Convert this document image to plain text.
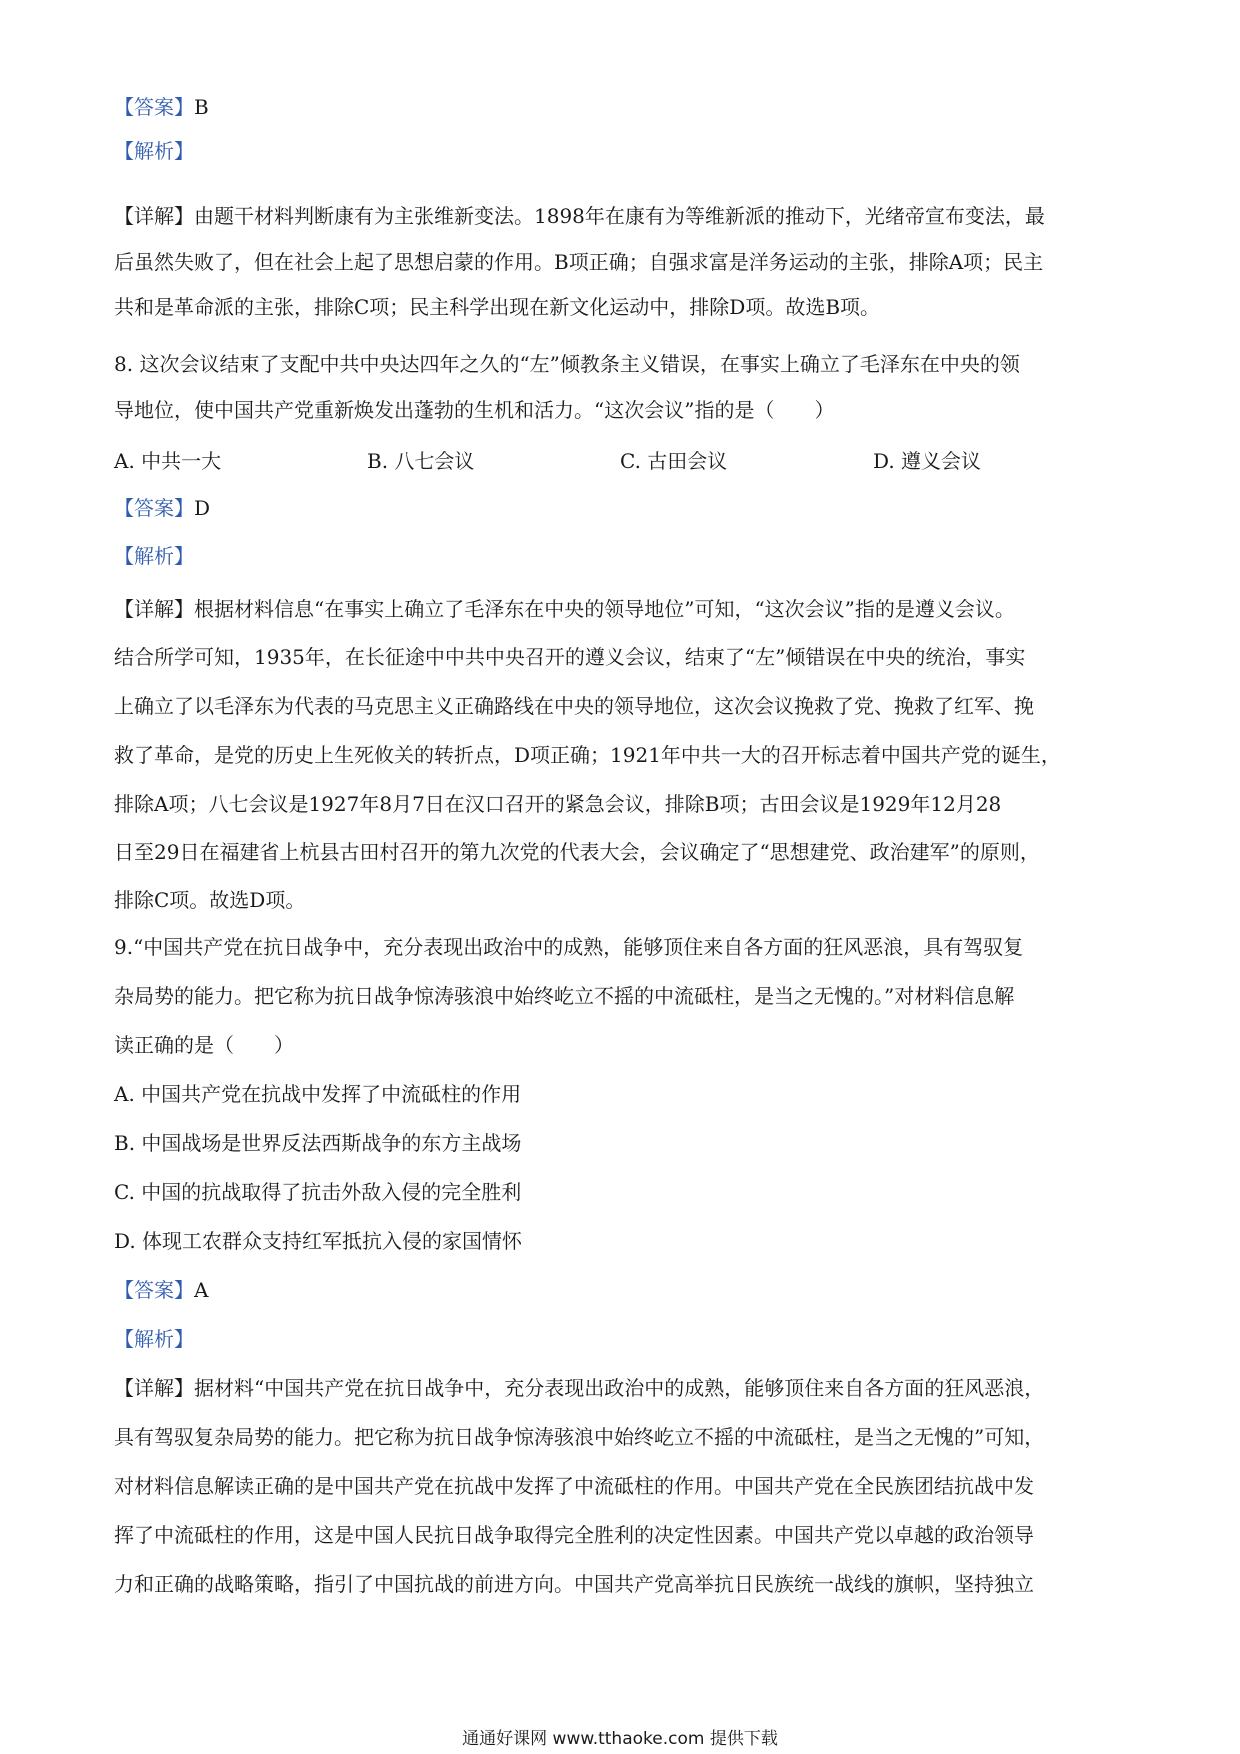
【答案】B
【解析】
【详解】由题干材料判断康有为主张维新变法。1898年在康有为等维新派的推动下，光绪帝宣布变法，最
后虽然失败了，但在社会上起了思想启蒙的作用。B项正确；自强求富是洋务运动的主张，排除A项；民主
共和是革命派的主张，排除C项；民主科学出现在新文化运动中，排除D项。故选B项。
8. 这次会议结束了支配中共中央达四年之久的“左”倾教条主义错误，在事实上确立了毛泽东在中央的领
导地位，使中国共产党重新焕发出蓬勃的生机和活力。“这次会议”指的是（　　）
A. 中共一大	B. 八七会议	C. 古田会议	D. 遵义会议
【答案】D
【解析】
【详解】根据材料信息“在事实上确立了毛泽东在中央的领导地位”可知，“这次会议”指的是遵义会议。
结合所学可知，1935年，在长征途中中共中央召开的遵义会议，结束了“左”倾错误在中央的统治，事实
上确立了以毛泽东为代表的马克思主义正确路线在中央的领导地位，这次会议挽救了党、挽救了红军、挽
救了革命，是党的历史上生死攸关的转折点，D项正确；1921年中共一大的召开标志着中国共产党的诞生，
排除A项；八七会议是1927年8月7日在汉口召开的紧急会议，排除B项；古田会议是1929年12月28
日至29日在福建省上杭县古田村召开的第九次党的代表大会，会议确定了“思想建党、政治建军”的原则，
排除C项。故选D项。
9.“中国共产党在抗日战争中，充分表现出政治中的成熟，能够顶住来自各方面的狂风恶浪，具有驾驭复
杂局势的能力。把它称为抗日战争惊涛骇浪中始终屹立不摇的中流砥柱，是当之无愧的。”对材料信息解
读正确的是（　　）
A. 中国共产党在抗战中发挥了中流砥柱的作用
B. 中国战场是世界反法西斯战争的东方主战场
C. 中国的抗战取得了抗击外敌入侵的完全胜利
D. 体现工农群众支持红军抵抗入侵的家国情怀
【答案】A
【解析】
【详解】据材料“中国共产党在抗日战争中，充分表现出政治中的成熟，能够顶住来自各方面的狂风恶浪，
具有驾驭复杂局势的能力。把它称为抗日战争惊涛骇浪中始终屹立不摇的中流砥柱，是当之无愧的”可知，
对材料信息解读正确的是中国共产党在抗战中发挥了中流砥柱的作用。中国共产党在全民族团结抗战中发
挥了中流砥柱的作用，这是中国人民抗日战争取得完全胜利的决定性因素。中国共产党以卓越的政治领导
力和正确的战略策略，指引了中国抗战的前进方向。中国共产党高举抗日民族统一战线的旗帜，坚持独立
通通好课网 www.tthaoke.com 提供下载
